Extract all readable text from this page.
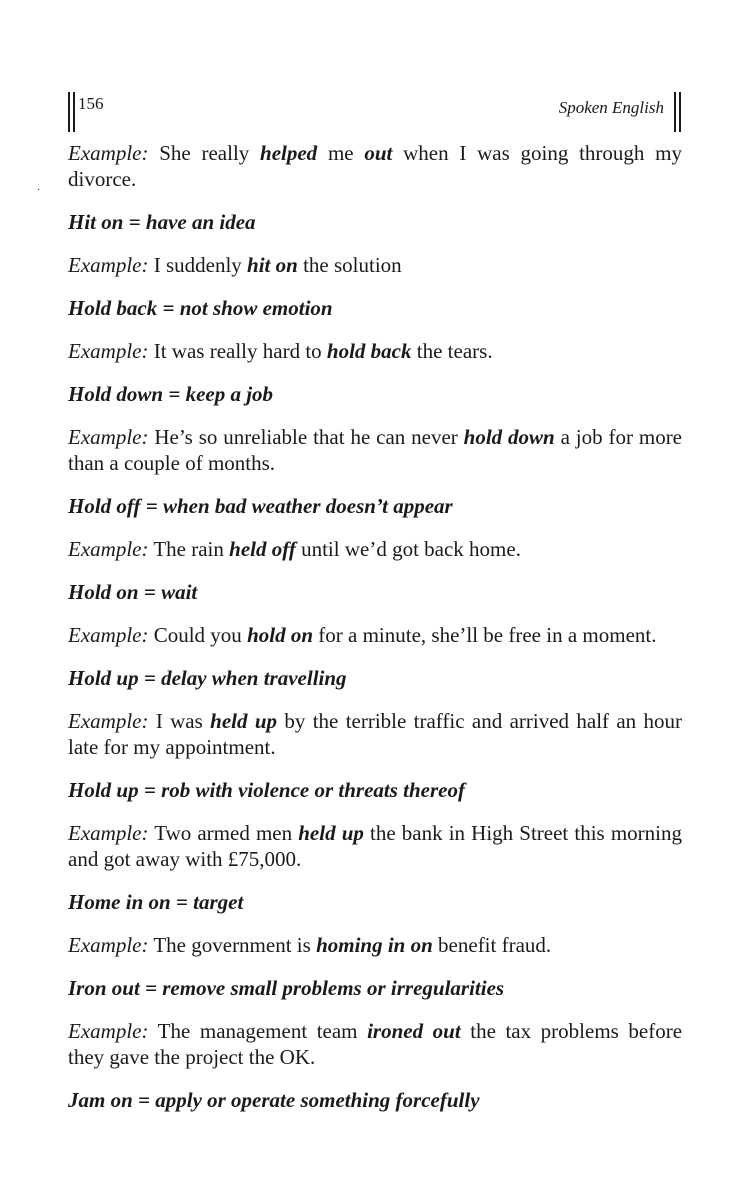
156	Spoken English
·

Example: She really helped me out when I was going through my divorce.

Hit on = have an idea

Example: I suddenly hit on the solution

Hold back = not show emotion

Example: It was really hard to hold back the tears.

Hold down = keep a job

Example: He’s so unreliable that he can never hold down a job for more than a couple of months.

Hold off = when bad weather doesn’t appear

Example: The rain held off until we’d got back home.

Hold on = wait

Example: Could you hold on for a minute, she’ll be free in a moment.

Hold up = delay when travelling

Example: I was held up by the terrible traffic and arrived half an hour late for my appointment.

Hold up = rob with violence or threats thereof

Example: Two armed men held up the bank in High Street this morning and got away with £75,000.

Home in on = target

Example: The government is homing in on benefit fraud.

Iron out = remove small problems or irregularities

Example: The management team ironed out the tax problems before they gave the project the OK.

Jam on = apply or operate something forcefully
